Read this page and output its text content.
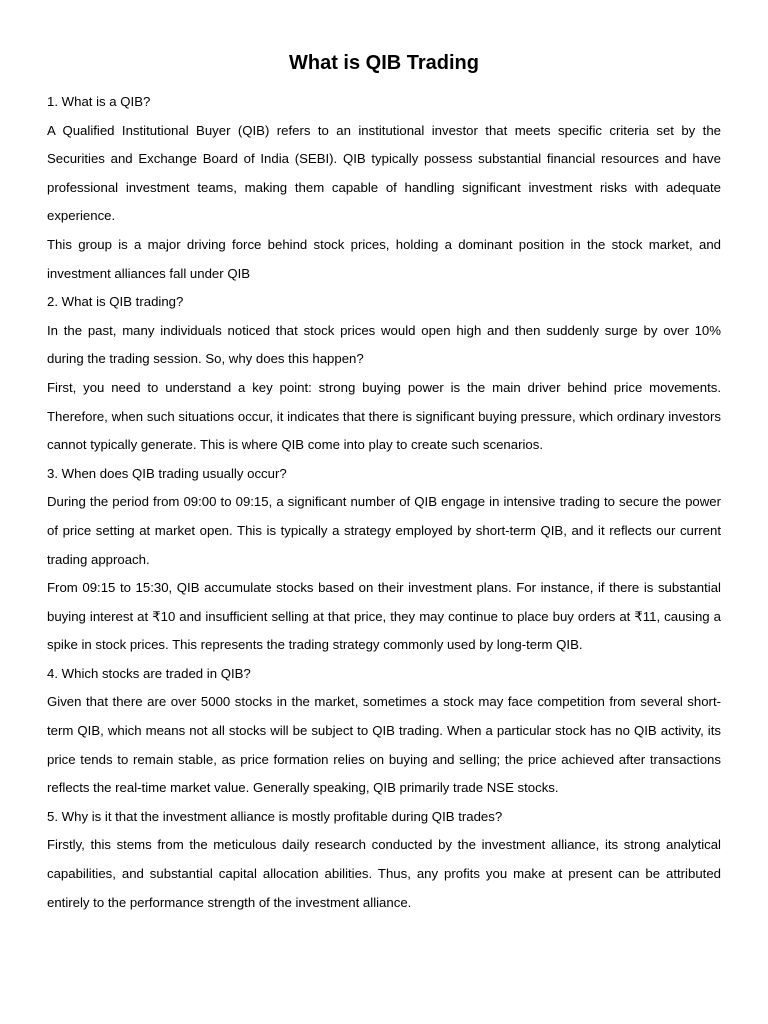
What is QIB Trading

1. What is a QIB?

A Qualified Institutional Buyer (QIB) refers to an institutional investor that meets specific criteria set by the Securities and Exchange Board of India (SEBI). QIB typically possess substantial financial resources and have professional investment teams, making them capable of handling significant investment risks with adequate experience.

This group is a major driving force behind stock prices, holding a dominant position in the stock market, and investment alliances fall under QIB

2. What is QIB trading?

In the past, many individuals noticed that stock prices would open high and then suddenly surge by over 10% during the trading session. So, why does this happen?

First, you need to understand a key point: strong buying power is the main driver behind price movements. Therefore, when such situations occur, it indicates that there is significant buying pressure, which ordinary investors cannot typically generate. This is where QIB come into play to create such scenarios.

3. When does QIB trading usually occur?

During the period from 09:00 to 09:15, a significant number of QIB engage in intensive trading to secure the power of price setting at market open. This is typically a strategy employed by short-term QIB, and it reflects our current trading approach.

From 09:15 to 15:30, QIB accumulate stocks based on their investment plans. For instance, if there is substantial buying interest at ₹10 and insufficient selling at that price, they may continue to place buy orders at ₹11, causing a spike in stock prices. This represents the trading strategy commonly used by long-term QIB.

4. Which stocks are traded in QIB?

Given that there are over 5000 stocks in the market, sometimes a stock may face competition from several short-term QIB, which means not all stocks will be subject to QIB trading. When a particular stock has no QIB activity, its price tends to remain stable, as price formation relies on buying and selling; the price achieved after transactions reflects the real-time market value. Generally speaking, QIB primarily trade NSE stocks.

5. Why is it that the investment alliance is mostly profitable during QIB trades?

Firstly, this stems from the meticulous daily research conducted by the investment alliance, its strong analytical capabilities, and substantial capital allocation abilities. Thus, any profits you make at present can be attributed entirely to the performance strength of the investment alliance.
